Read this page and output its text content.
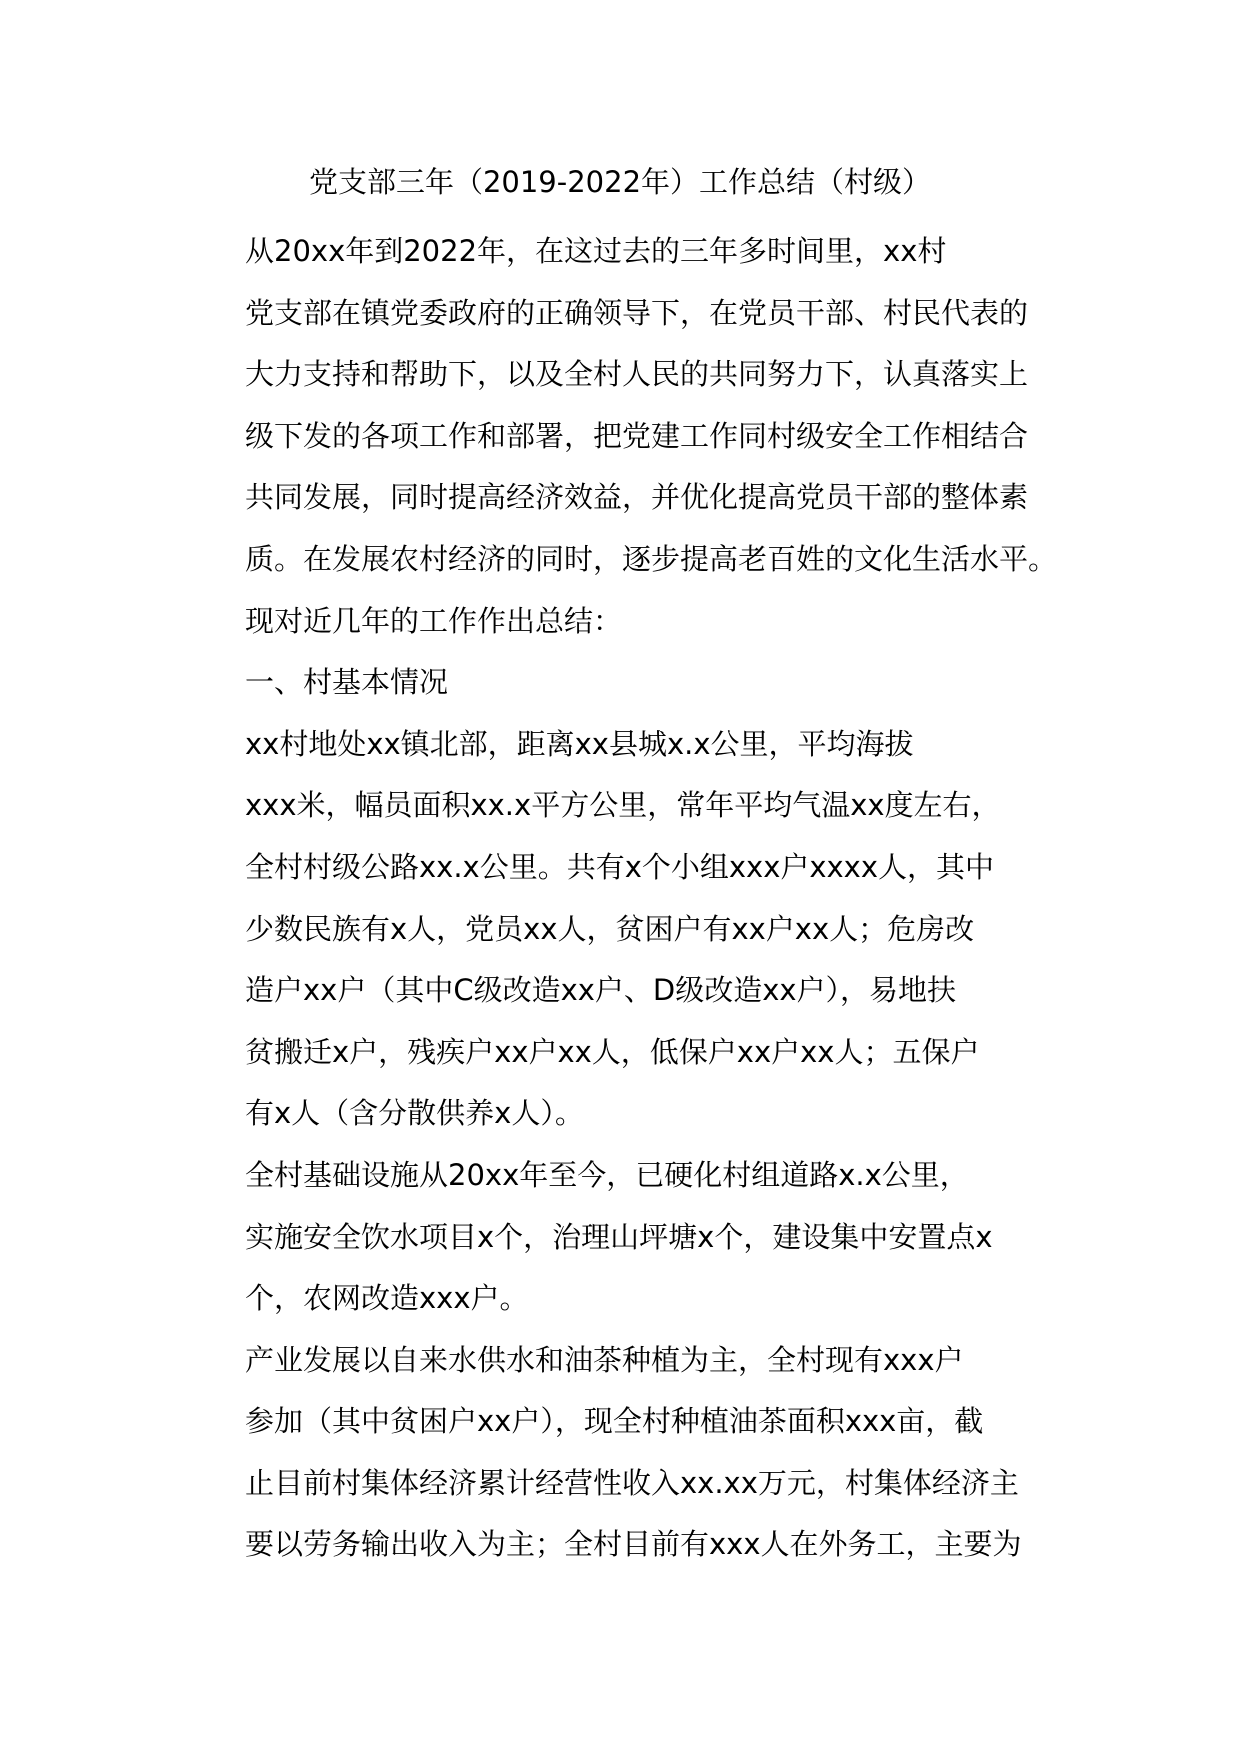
党支部三年（2019-2022年）工作总结（村级）

从20xx年到2022年，在这过去的三年多时间里，xx村
党支部在镇党委政府的正确领导下，在党员干部、村民代表的
大力支持和帮助下，以及全村人民的共同努力下，认真落实上
级下发的各项工作和部署，把党建工作同村级安全工作相结合
共同发展，同时提高经济效益，并优化提高党员干部的整体素
质。在发展农村经济的同时，逐步提高老百姓的文化生活水平。
现对近几年的工作作出总结：

一、村基本情况

xx村地处xx镇北部，距离xx县城x.x公里，平均海拔
xxx米，幅员面积xx.x平方公里，常年平均气温xx度左右，
全村村级公路xx.x公里。共有x个小组xxx户xxxx人，其中
少数民族有x人，党员xx人，贫困户有xx户xx人；危房改
造户xx户（其中C级改造xx户、D级改造xx户），易地扶
贫搬迁x户，残疾户xx户xx人，低保户xx户xx人；五保户
有x人（含分散供养x人）。

全村基础设施从20xx年至今，已硬化村组道路x.x公里，
实施安全饮水项目x个，治理山坪塘x个，建设集中安置点x
个，农网改造xxx户。

产业发展以自来水供水和油茶种植为主，全村现有xxx户
参加（其中贫困户xx户），现全村种植油茶面积xxx亩，截
止目前村集体经济累计经营性收入xx.xx万元，村集体经济主
要以劳务输出收入为主；全村目前有xxx人在外务工，主要为
